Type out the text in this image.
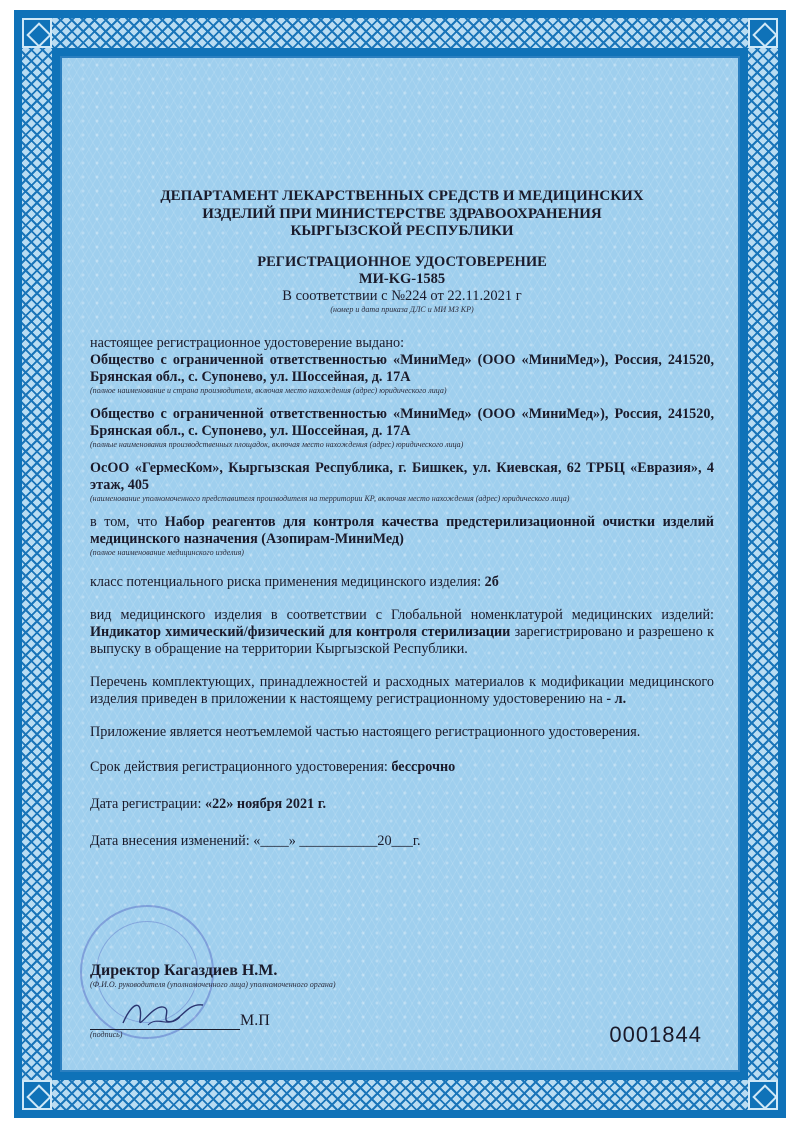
ДЕПАРТАМЕНТ ЛЕКАРСТВЕННЫХ СРЕДСТВ И МЕДИЦИНСКИХ
ИЗДЕЛИЙ ПРИ МИНИСТЕРСТВЕ ЗДРАВООХРАНЕНИЯ
КЫРГЫЗСКОЙ РЕСПУБЛИКИ
РЕГИСТРАЦИОННОЕ УДОСТОВЕРЕНИЕ
МИ-KG-1585
В соответствии с №224 от 22.11.2021 г
(номер и дата приказа ДЛС и МИ МЗ КР)

настоящее регистрационное удостоверение выдано:

Общество с ограниченной ответственностью «МиниМед» (ООО «МиниМед»), Россия, 241520, Брянская обл., с. Супонево, ул. Шоссейная, д. 17А

(полное наименование и страна производителя, включая место нахождения (адрес) юридического лица)

Общество с ограниченной ответственностью «МиниМед» (ООО «МиниМед»), Россия, 241520, Брянская обл., с. Супонево, ул. Шоссейная, д. 17А

(полные наименования производственных площадок, включая место нахождения (адрес) юридического лица)

ОсОО «ГермесКом», Кыргызская Республика, г. Бишкек, ул. Киевская, 62 ТРБЦ «Евразия», 4 этаж, 405

(наименование уполномоченного представителя производителя на территории КР, включая место нахождения (адрес) юридического лица)

в том, что Набор реагентов для контроля качества предстерилизационной очистки изделий медицинского назначения (Азопирам-МиниМед)

(полное наименование медицинского изделия)

класс потенциального риска применения медицинского изделия: 2б

вид медицинского изделия в соответствии с Глобальной номенклатурой медицинских изделий: Индикатор химический/физический для контроля стерилизации зарегистрировано и разрешено к выпуску в обращение на территории Кыргызской Республики.

Перечень комплектующих, принадлежностей и расходных материалов к модификации медицинского изделия приведен в приложении к настоящему регистрационному удостоверению на - л.

Приложение является неотъемлемой частью настоящего регистрационного удостоверения.

Срок действия регистрационного удостоверения: бессрочно

Дата регистрации: «22» ноября 2021 г.

Дата внесения изменений: «____» ___________20___г.

Директор Кагаздиев Н.М.

(Ф.И.О. руководителя (уполномоченного лица) уполномоченного органа)

М.П

(подпись)	0001844
